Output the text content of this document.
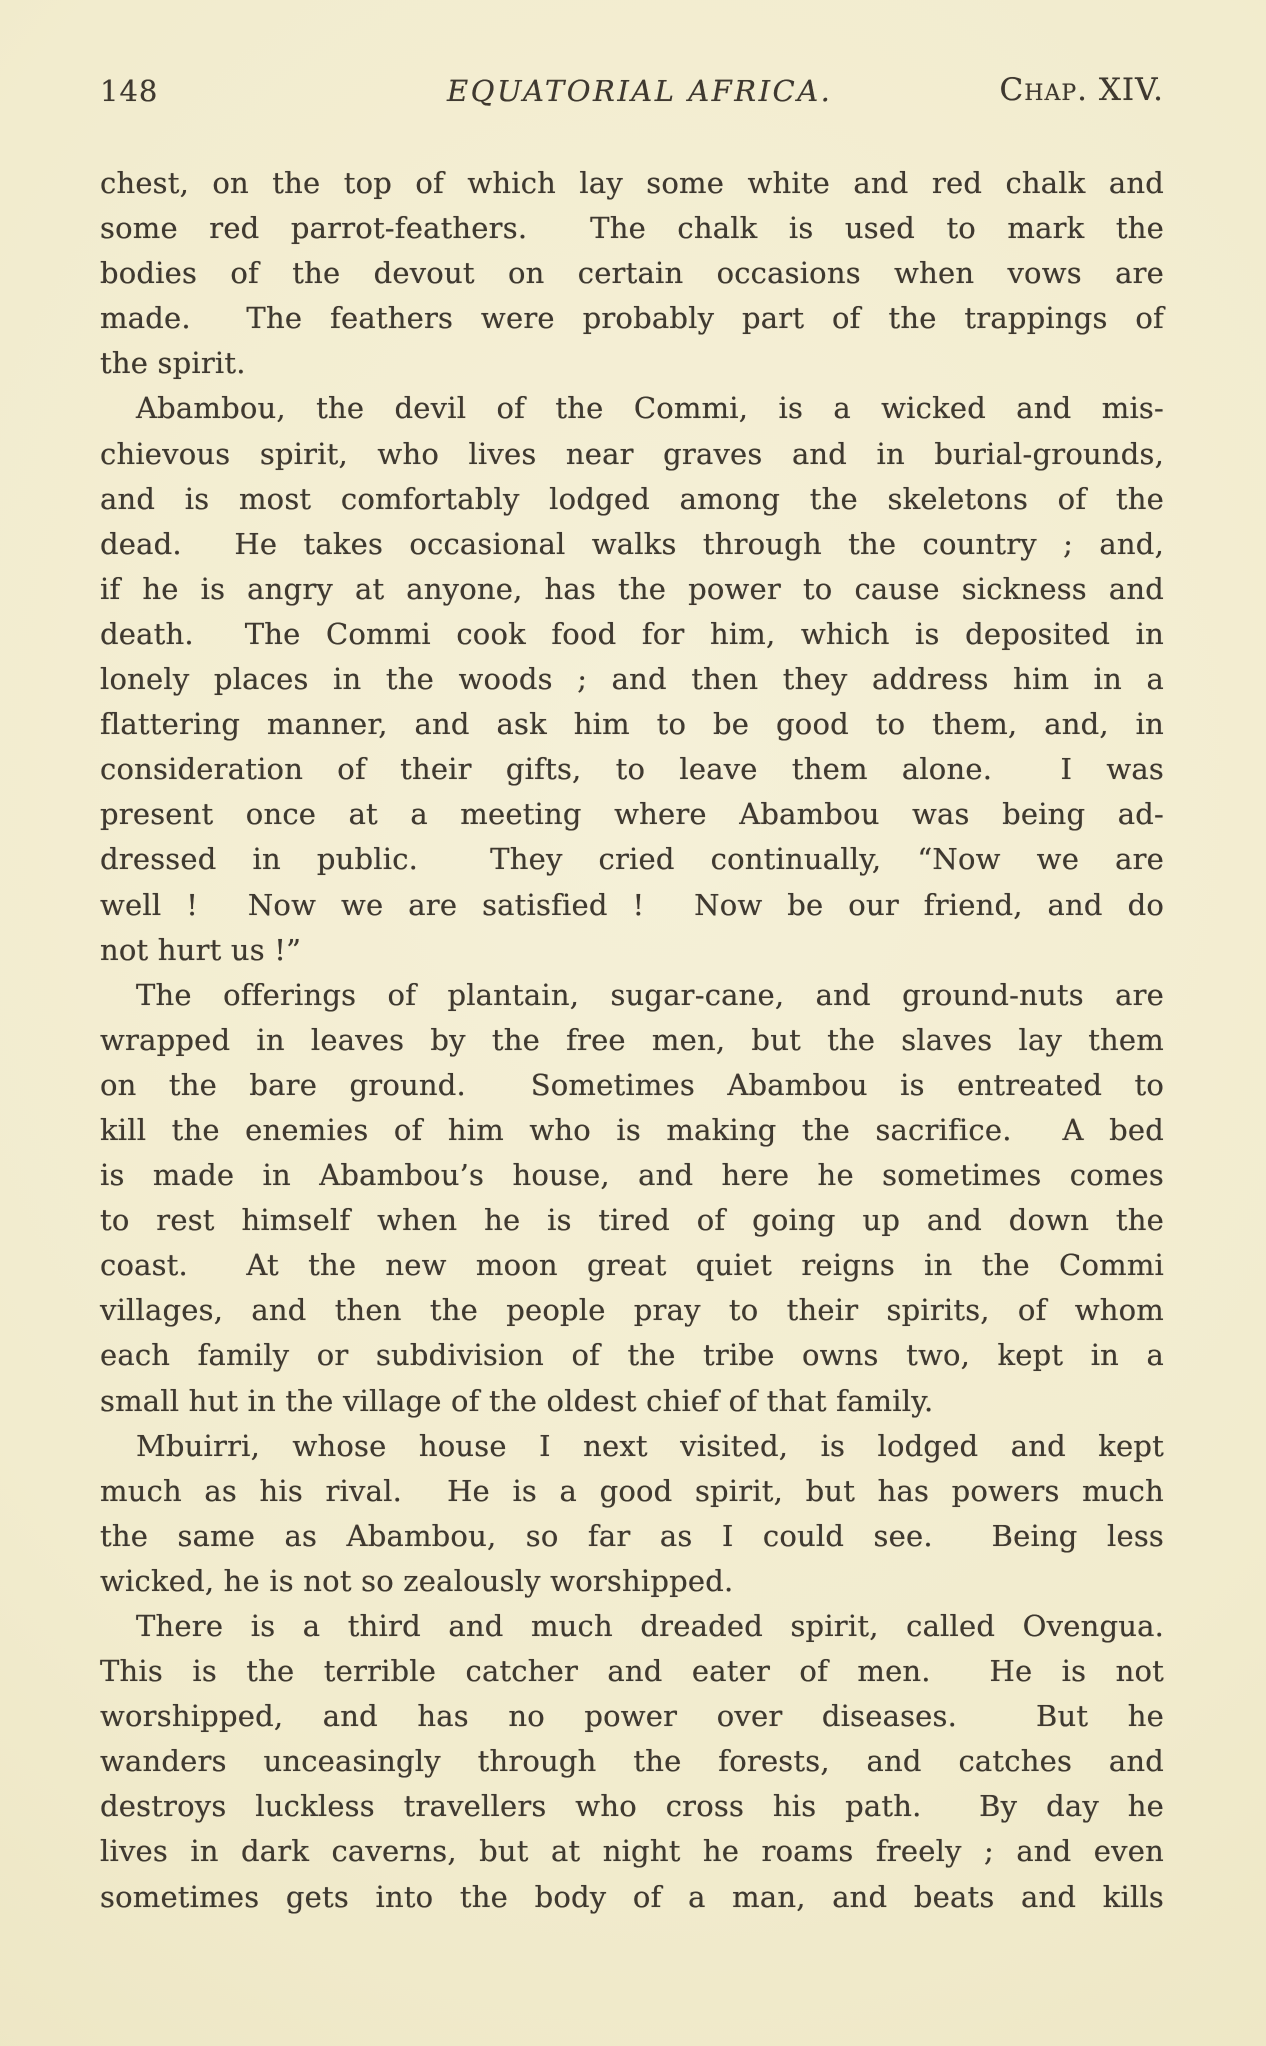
148	EQUATORIAL AFRICA.	Chap. XIV.

chest, on the top of which lay some white and red chalk and
some red parrot-feathers.  The chalk is used to mark the
bodies of the devout on certain occasions when vows are
made.  The feathers were probably part of the trappings of
the spirit.

Abambou, the devil of the Commi, is a wicked and mis-
chievous spirit, who lives near graves and in burial-grounds,
and is most comfortably lodged among the skeletons of the
dead.  He takes occasional walks through the country ; and,
if he is angry at anyone, has the power to cause sickness and
death.  The Commi cook food for him, which is deposited in
lonely places in the woods ; and then they address him in a
flattering manner, and ask him to be good to them, and, in
consideration of their gifts, to leave them alone.  I was
present once at a meeting where Abambou was being ad-
dressed in public.  They cried continually, “Now we are
well !  Now we are satisfied !  Now be our friend, and do
not hurt us !”

The offerings of plantain, sugar-cane, and ground-nuts are
wrapped in leaves by the free men, but the slaves lay them
on the bare ground.  Sometimes Abambou is entreated to
kill the enemies of him who is making the sacrifice.  A bed
is made in Abambou’s house, and here he sometimes comes
to rest himself when he is tired of going up and down the
coast.  At the new moon great quiet reigns in the Commi
villages, and then the people pray to their spirits, of whom
each family or subdivision of the tribe owns two, kept in a
small hut in the village of the oldest chief of that family.

Mbuirri, whose house I next visited, is lodged and kept
much as his rival.  He is a good spirit, but has powers much
the same as Abambou, so far as I could see.  Being less
wicked, he is not so zealously worshipped.

There is a third and much dreaded spirit, called Ovengua.
This is the terrible catcher and eater of men.  He is not
worshipped, and has no power over diseases.  But he
wanders unceasingly through the forests, and catches and
destroys luckless travellers who cross his path.  By day he
lives in dark caverns, but at night he roams freely ; and even
sometimes gets into the body of a man, and beats and kills
